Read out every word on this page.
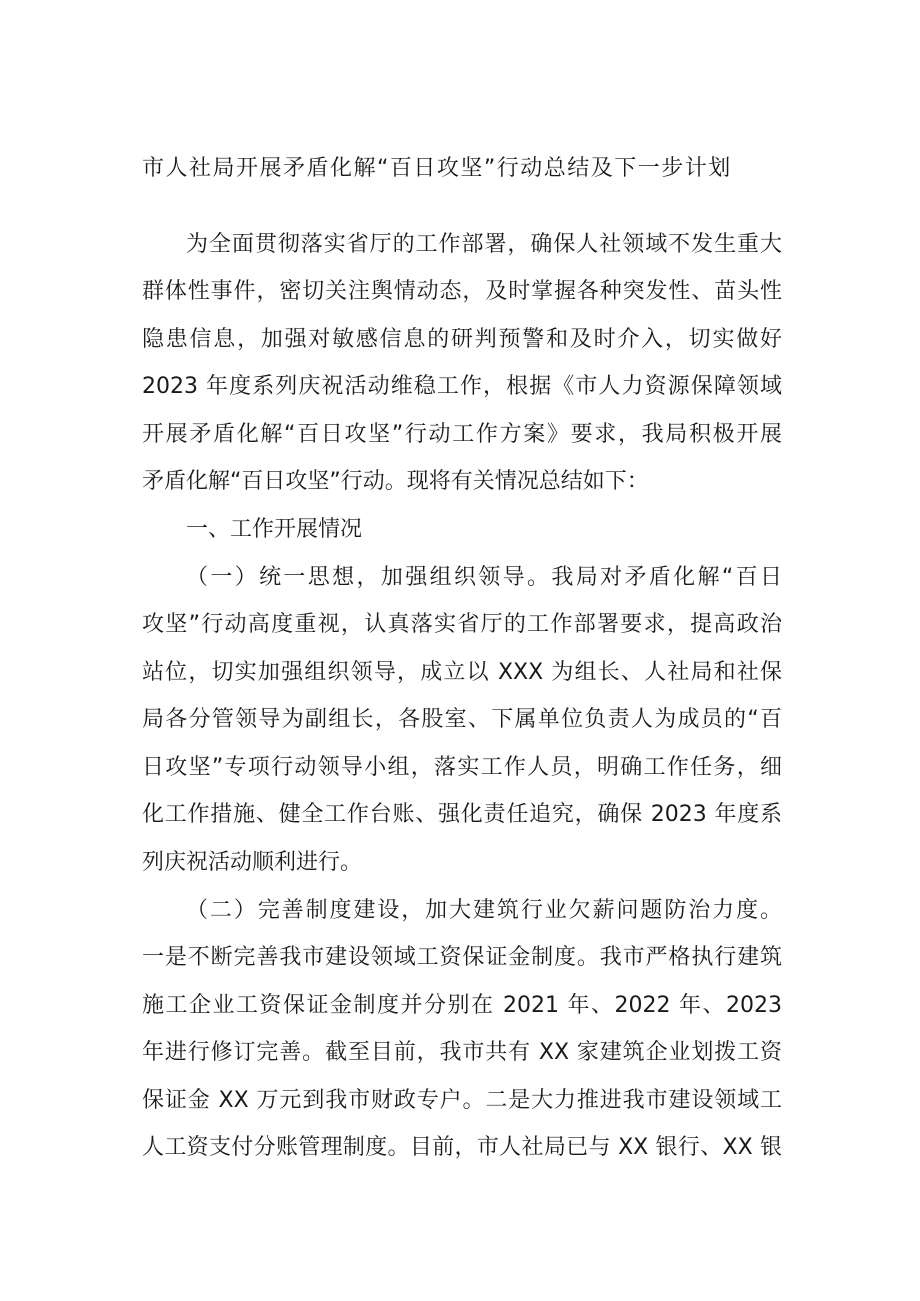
市人社局开展矛盾化解“百日攻坚”行动总结及下一步计划
为全面贯彻落实省厅的工作部署，确保人社领域不发生重大
群体性事件，密切关注舆情动态，及时掌握各种突发性、苗头性
隐患信息，加强对敏感信息的研判预警和及时介入，切实做好
2023 年度系列庆祝活动维稳工作，根据《市人力资源保障领域
开展矛盾化解“百日攻坚”行动工作方案》要求，我局积极开展
矛盾化解“百日攻坚”行动。现将有关情况总结如下：
一、工作开展情况
（一）统一思想，加强组织领导。我局对矛盾化解“百日
攻坚”行动高度重视，认真落实省厅的工作部署要求，提高政治
站位，切实加强组织领导，成立以 XXX 为组长、人社局和社保
局各分管领导为副组长，各股室、下属单位负责人为成员的“百
日攻坚”专项行动领导小组，落实工作人员，明确工作任务，细
化工作措施、健全工作台账、强化责任追究，确保 2023 年度系
列庆祝活动顺利进行。
（二）完善制度建设，加大建筑行业欠薪问题防治力度。
一是不断完善我市建设领域工资保证金制度。我市严格执行建筑
施工企业工资保证金制度并分别在 2021 年、2022 年、2023
年进行修订完善。截至目前，我市共有 XX 家建筑企业划拨工资
保证金 XX 万元到我市财政专户。二是大力推进我市建设领域工
人工资支付分账管理制度。目前，市人社局已与 XX 银行、XX 银
